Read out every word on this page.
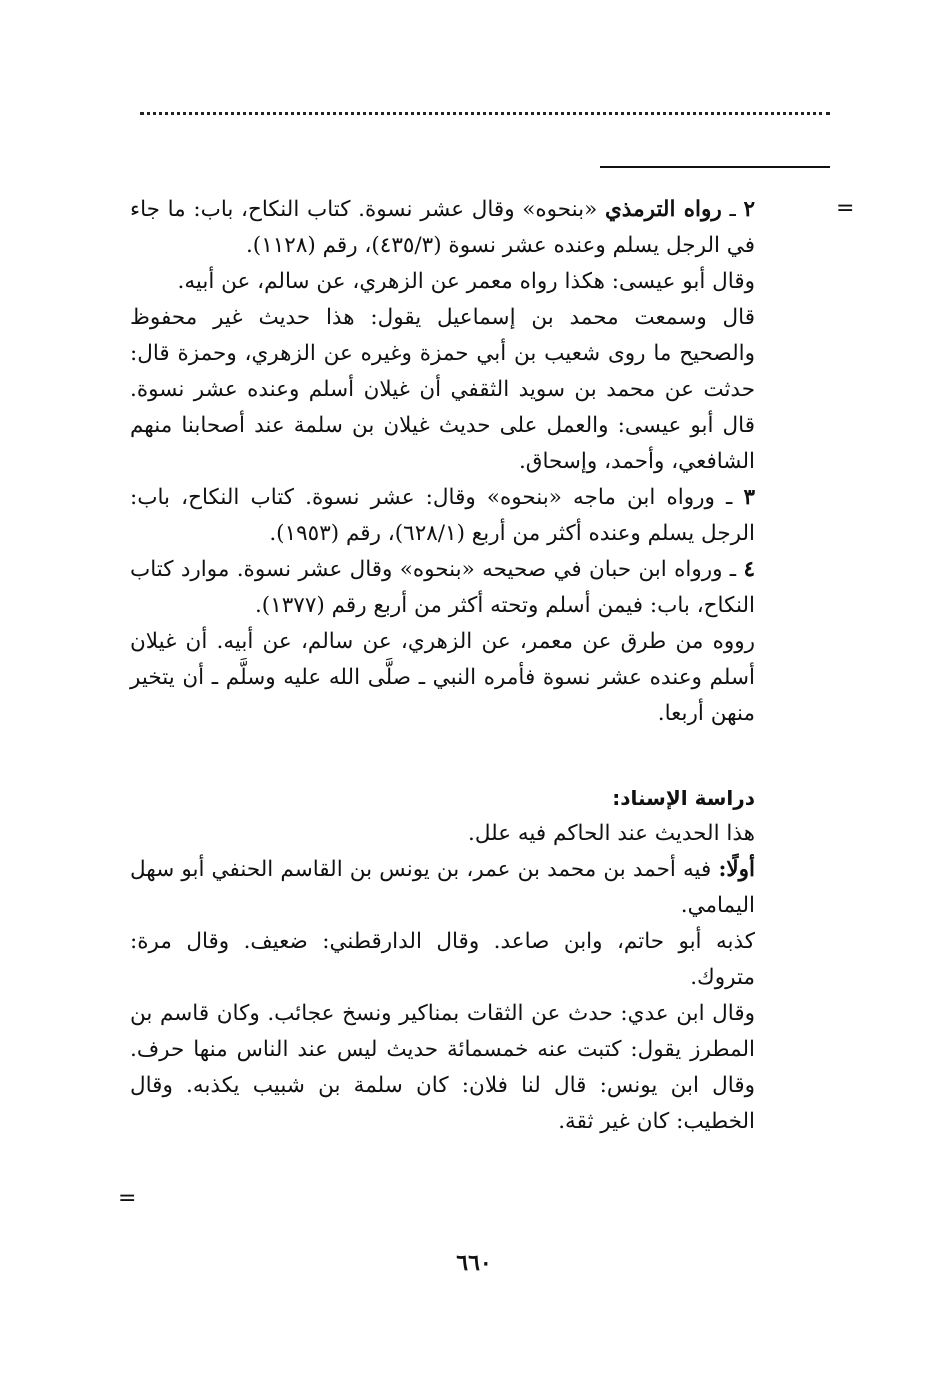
=
=

٢ ـ رواه الترمذي «بنحوه» وقال عشر نسوة. كتاب النكاح، باب: ما جاء في الرجل يسلم وعنده عشر نسوة (٤٣٥/٣)، رقم (١١٢٨).

وقال أبو عيسى: هكذا رواه معمر عن الزهري، عن سالم، عن أبيه.

قال وسمعت محمد بن إسماعيل يقول: هذا حديث غير محفوظ والصحيح ما روى شعيب بن أبي حمزة وغيره عن الزهري، وحمزة قال: حدثت عن محمد بن سويد الثقفي أن غيلان أسلم وعنده عشر نسوة. قال أبو عيسى: والعمل على حديث غيلان بن سلمة عند أصحابنا منهم الشافعي، وأحمد، وإسحاق.

٣ ـ ورواه ابن ماجه «بنحوه» وقال: عشر نسوة. كتاب النكاح، باب: الرجل يسلم وعنده أكثر من أربع (٦٢٨/١)، رقم (١٩٥٣).

٤ ـ ورواه ابن حبان في صحيحه «بنحوه» وقال عشر نسوة. موارد كتاب النكاح، باب: فيمن أسلم وتحته أكثر من أربع رقم (١٣٧٧).

رووه من طرق عن معمر، عن الزهري، عن سالم، عن أبيه. أن غيلان أسلم وعنده عشر نسوة فأمره النبي ـ صلَّى الله عليه وسلَّم ـ أن يتخير منهن أربعا.

دراسة الإسناد:

هذا الحديث عند الحاكم فيه علل.

أولًا: فيه أحمد بن محمد بن عمر، بن يونس بن القاسم الحنفي أبو سهل اليمامي.

كذبه أبو حاتم، وابن صاعد. وقال الدارقطني: ضعيف. وقال مرة: متروك.

وقال ابن عدي: حدث عن الثقات بمناكير ونسخ عجائب. وكان قاسم بن المطرز يقول: كتبت عنه خمسمائة حديث ليس عند الناس منها حرف. وقال ابن يونس: قال لنا فلان: كان سلمة بن شبيب يكذبه. وقال الخطيب: كان غير ثقة.

٦٦٠
